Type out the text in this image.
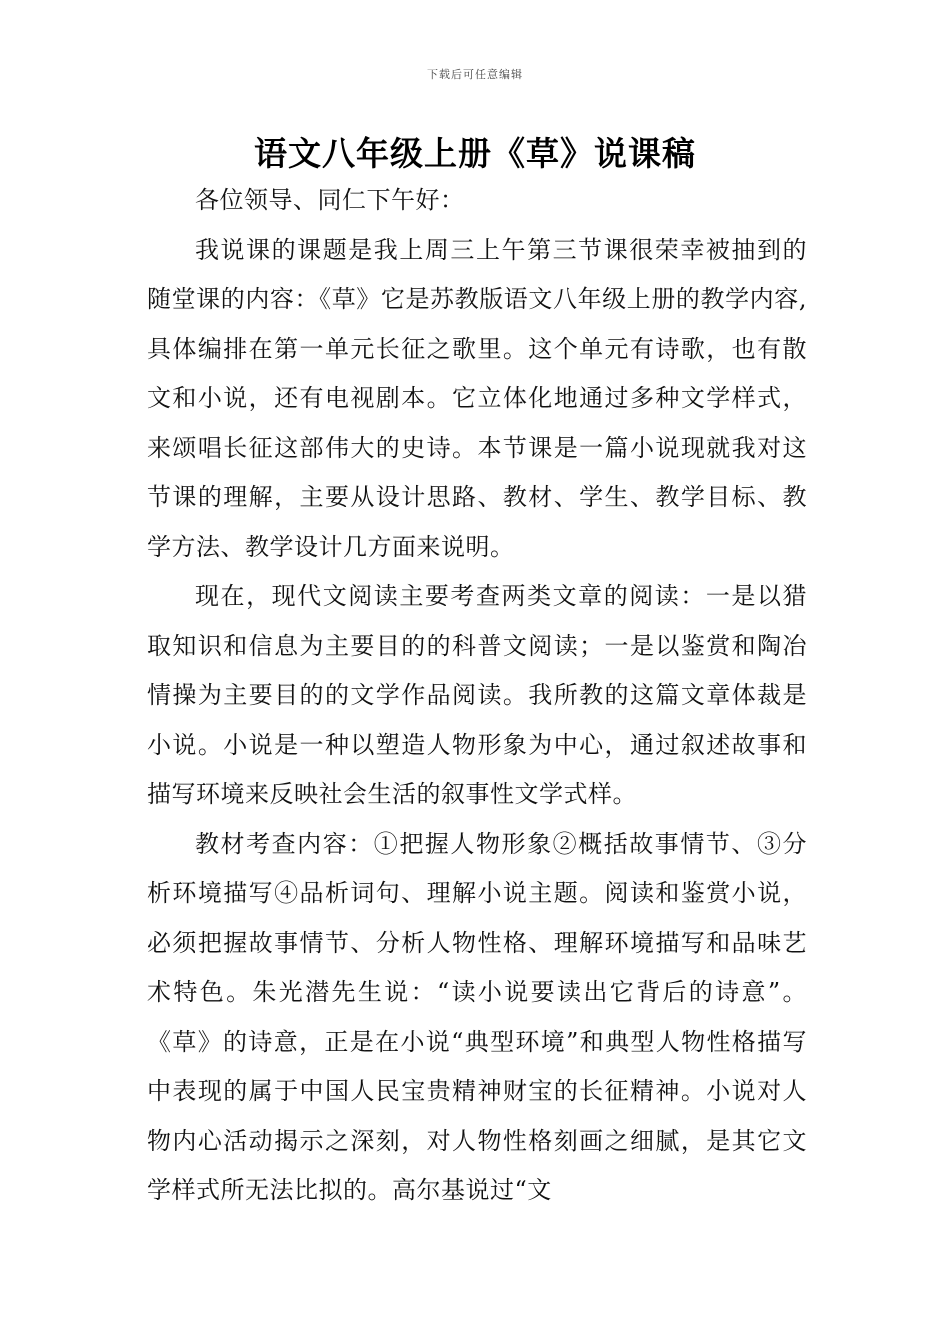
下载后可任意编辑
语文八年级上册《草》说课稿

各位领导、同仁下午好：

我说课的课题是我上周三上午第三节课很荣幸被抽到的随堂课的内容：《草》它是苏教版语文八年级上册的教学内容,具体编排在第一单元长征之歌里。这个单元有诗歌，也有散文和小说，还有电视剧本。它立体化地通过多种文学样式，来颂唱长征这部伟大的史诗。本节课是一篇小说现就我对这节课的理解，主要从设计思路、教材、学生、教学目标、教学方法、教学设计几方面来说明。

现在，现代文阅读主要考查两类文章的阅读：一是以猎取知识和信息为主要目的的科普文阅读；一是以鉴赏和陶冶情操为主要目的的文学作品阅读。我所教的这篇文章体裁是小说。小说是一种以塑造人物形象为中心，通过叙述故事和描写环境来反映社会生活的叙事性文学式样。

教材考查内容：①把握人物形象②概括故事情节、③分析环境描写④品析词句、理解小说主题。阅读和鉴赏小说，必须把握故事情节、分析人物性格、理解环境描写和品味艺术特色。朱光潜先生说：“读小说要读出它背后的诗意”。《草》的诗意，正是在小说“典型环境”和典型人物性格描写中表现的属于中国人民宝贵精神财宝的长征精神。小说对人物内心活动揭示之深刻，对人物性格刻画之细腻，是其它文学样式所无法比拟的。高尔基说过“文
